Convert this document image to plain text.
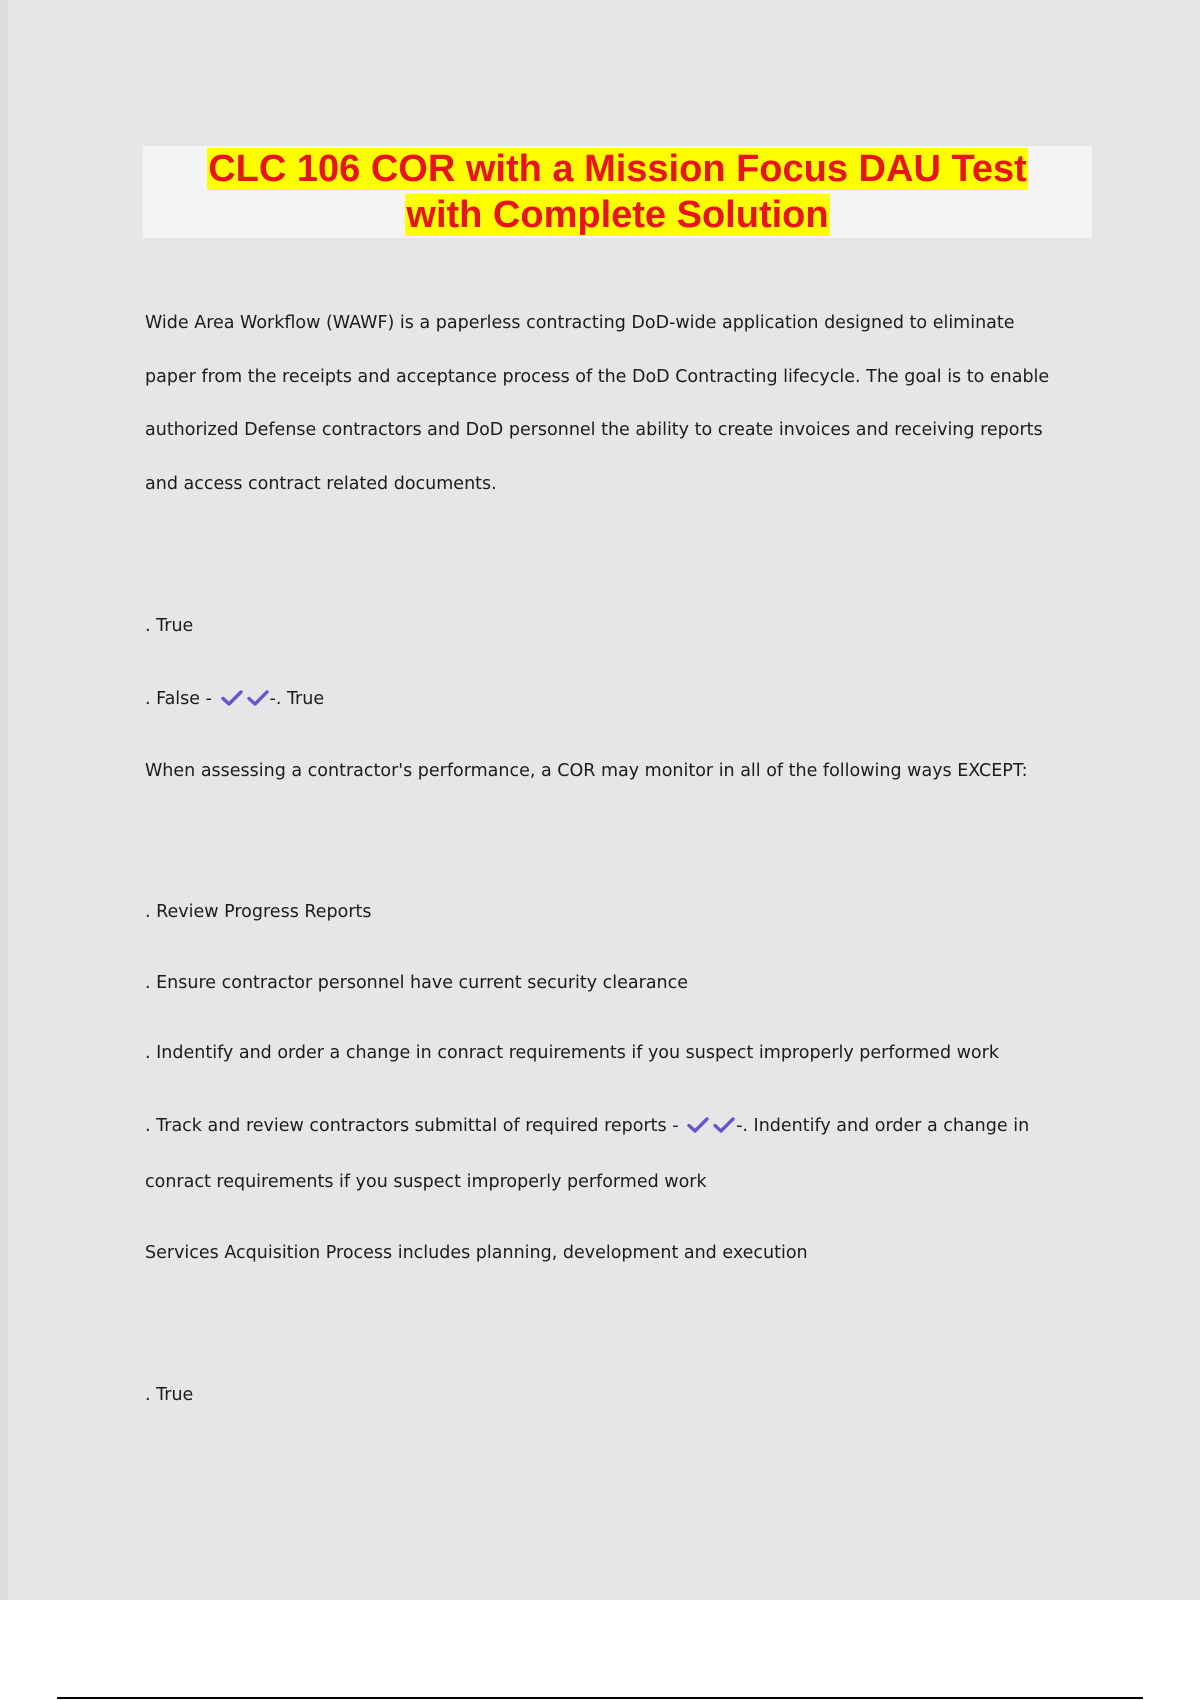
CLC 106 COR with a Mission Focus DAU Test
with Complete Solution
Wide Area Workflow (WAWF) is a paperless contracting DoD-wide application designed to eliminate
paper from the receipts and acceptance process of the DoD Contracting lifecycle. The goal is to enable
authorized Defense contractors and DoD personnel the ability to create invoices and receiving reports
and access contract related documents.
. True
. False -	-. True
When assessing a contractor's performance, a COR may monitor in all of the following ways EXCEPT:
. Review Progress Reports
. Ensure contractor personnel have current security clearance
. Indentify and order a change in conract requirements if you suspect improperly performed work
. Track and review contractors submittal of required reports -	-. Indentify and order a change in
conract requirements if you suspect improperly performed work
Services Acquisition Process includes planning, development and execution
. True
